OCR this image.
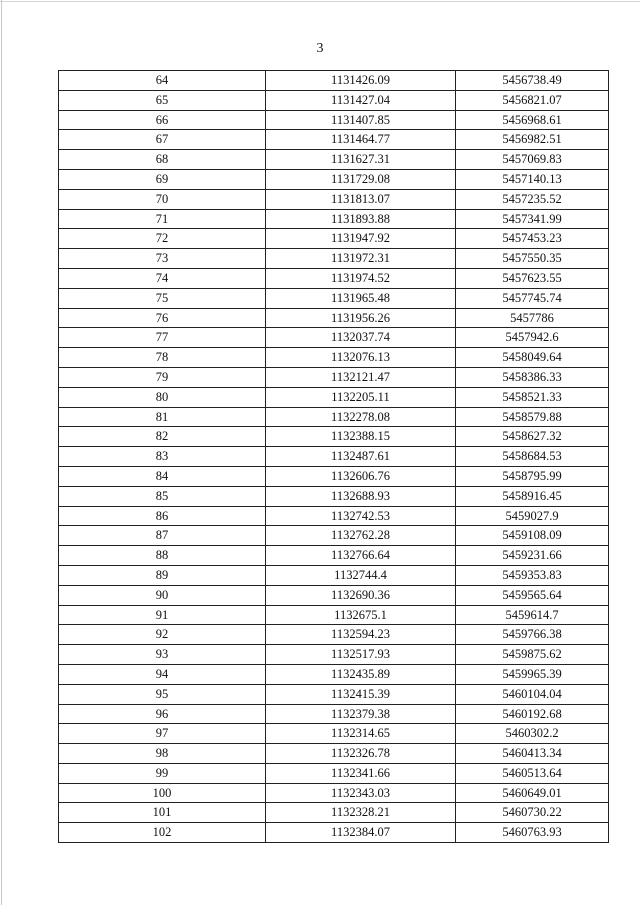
3
64	1131426.09	5456738.49
65	1131427.04	5456821.07
66	1131407.85	5456968.61
67	1131464.77	5456982.51
68	1131627.31	5457069.83
69	1131729.08	5457140.13
70	1131813.07	5457235.52
71	1131893.88	5457341.99
72	1131947.92	5457453.23
73	1131972.31	5457550.35
74	1131974.52	5457623.55
75	1131965.48	5457745.74
76	1131956.26	5457786
77	1132037.74	5457942.6
78	1132076.13	5458049.64
79	1132121.47	5458386.33
80	1132205.11	5458521.33
81	1132278.08	5458579.88
82	1132388.15	5458627.32
83	1132487.61	5458684.53
84	1132606.76	5458795.99
85	1132688.93	5458916.45
86	1132742.53	5459027.9
87	1132762.28	5459108.09
88	1132766.64	5459231.66
89	1132744.4	5459353.83
90	1132690.36	5459565.64
91	1132675.1	5459614.7
92	1132594.23	5459766.38
93	1132517.93	5459875.62
94	1132435.89	5459965.39
95	1132415.39	5460104.04
96	1132379.38	5460192.68
97	1132314.65	5460302.2
98	1132326.78	5460413.34
99	1132341.66	5460513.64
100	1132343.03	5460649.01
101	1132328.21	5460730.22
102	1132384.07	5460763.93
